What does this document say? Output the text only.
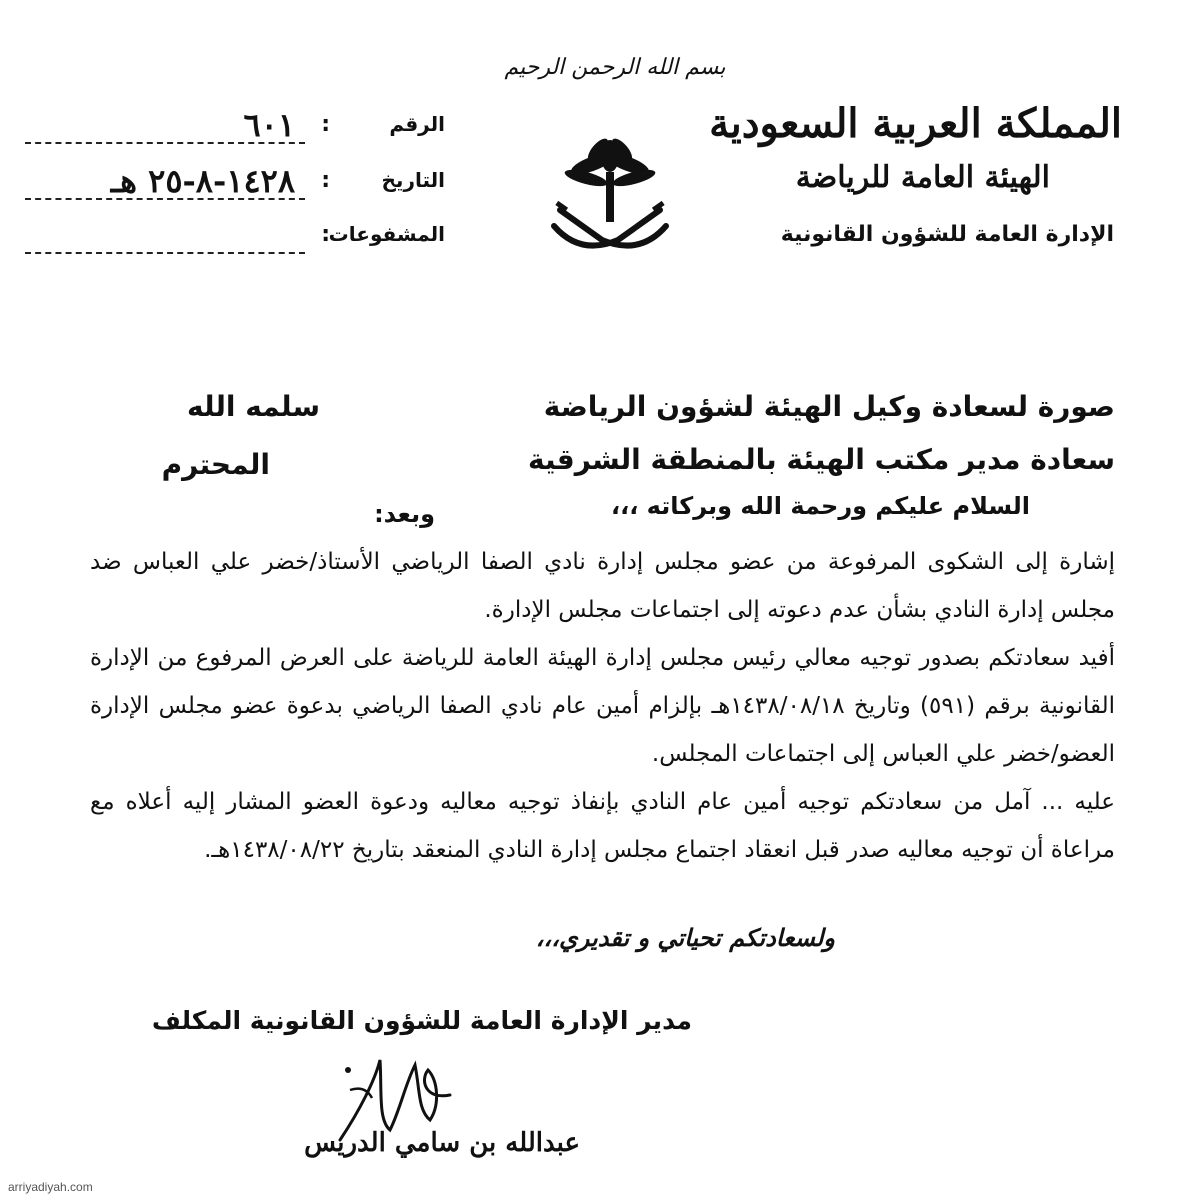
بسم الله الرحمن الرحيم
المملكة العربية السعودية
الهيئة العامة للرياضة
الإدارة العامة للشؤون القانونية
الرقم
:
٦٠١
التاريخ
:
١٤٢٨-٨-٢٥ هـ
المشفوعات
:
صورة لسعادة وكيل الهيئة لشؤون الرياضة
سلمه الله
سعادة مدير مكتب الهيئة بالمنطقة الشرقية
المحترم
السلام عليكم ورحمة الله وبركاته ،،،
وبعد:
إشارة إلى الشكوى المرفوعة من عضو مجلس إدارة نادي الصفا الرياضي الأستاذ/خضر علي العباس ضد مجلس إدارة النادي بشأن عدم دعوته إلى اجتماعات مجلس الإدارة.
أفيد سعادتكم بصدور توجيه معالي رئيس مجلس إدارة الهيئة العامة للرياضة على العرض المرفوع من الإدارة القانونية برقم (٥٩١) وتاريخ ١٤٣٨/٠٨/١٨هـ بإلزام أمين عام نادي الصفا الرياضي بدعوة عضو مجلس الإدارة العضو/خضر علي العباس إلى اجتماعات المجلس.
عليه ... آمل من سعادتكم توجيه أمين عام النادي بإنفاذ توجيه معاليه ودعوة العضو المشار إليه أعلاه مع مراعاة أن توجيه معاليه صدر قبل انعقاد اجتماع مجلس إدارة النادي المنعقد بتاريخ ١٤٣٨/٠٨/٢٢هـ.
ولسعادتكم تحياتي و تقديري،،،
مدير الإدارة العامة للشؤون القانونية المكلف
عبدالله بن سامي الدريس
arriyadiyah.com
